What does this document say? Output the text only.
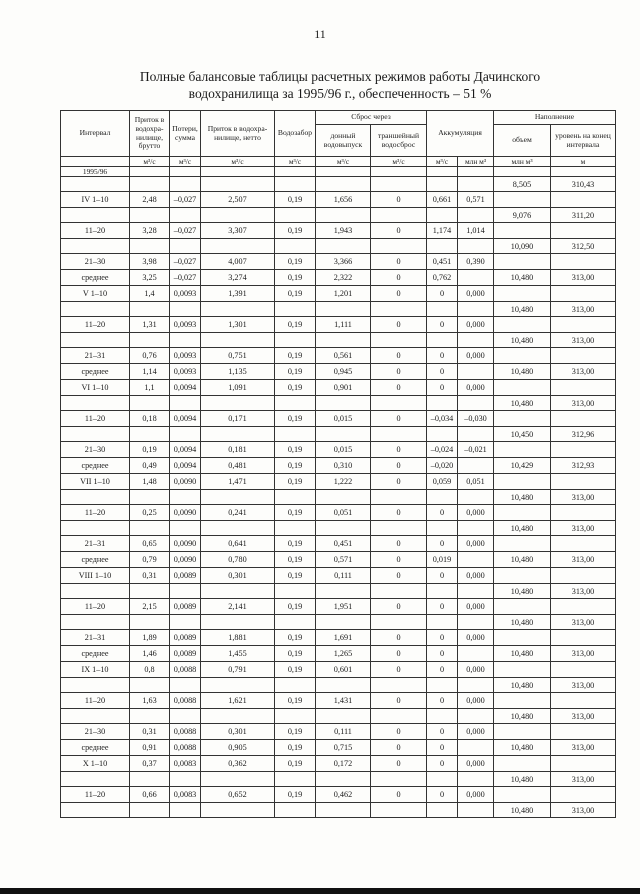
11
Полные балансовые таблицы расчетных режимов работы Дачинского
водохранилища за 1995/96 г., обеспеченность – 51 %
Интервал	Приток в водохра-нилище, брутто	Потери, сумма	Приток в водохра-нилище, нетто	Водозабор	Сброс через		Аккумуляция		Наполнение	
					донный водовыпуск	траншейный водосброс			объем	уровень на конец интервала
	м³/с	м³/с	м³/с	м³/с	м³/с	м³/с	м³/с	млн м³	млн м³	м
1995/96										
									8,505	310,43
IV 1–10	2,48	–0,027	2,507	0,19	1,656	0	0,661	0,571		
									9,076	311,20
11–20	3,28	–0,027	3,307	0,19	1,943	0	1,174	1,014		
									10,090	312,50
21–30	3,98	–0,027	4,007	0,19	3,366	0	0,451	0,390		
среднее	3,25	–0,027	3,274	0,19	2,322	0	0,762		10,480	313,00
V 1–10	1,4	0,0093	1,391	0,19	1,201	0	0	0,000		
									10,480	313,00
11–20	1,31	0,0093	1,301	0,19	1,111	0	0	0,000		
									10,480	313,00
21–31	0,76	0,0093	0,751	0,19	0,561	0	0	0,000		
среднее	1,14	0,0093	1,135	0,19	0,945	0	0		10,480	313,00
VI 1–10	1,1	0,0094	1,091	0,19	0,901	0	0	0,000		
									10,480	313,00
11–20	0,18	0,0094	0,171	0,19	0,015	0	–0,034	–0,030		
									10,450	312,96
21–30	0,19	0,0094	0,181	0,19	0,015	0	–0,024	–0,021		
среднее	0,49	0,0094	0,481	0,19	0,310	0	–0,020		10,429	312,93
VII 1–10	1,48	0,0090	1,471	0,19	1,222	0	0,059	0,051		
									10,480	313,00
11–20	0,25	0,0090	0,241	0,19	0,051	0	0	0,000		
									10,480	313,00
21–31	0,65	0,0090	0,641	0,19	0,451	0	0	0,000		
среднее	0,79	0,0090	0,780	0,19	0,571	0	0,019		10,480	313,00
VIII 1–10	0,31	0,0089	0,301	0,19	0,111	0	0	0,000		
									10,480	313,00
11–20	2,15	0,0089	2,141	0,19	1,951	0	0	0,000		
									10,480	313,00
21–31	1,89	0,0089	1,881	0,19	1,691	0	0	0,000		
среднее	1,46	0,0089	1,455	0,19	1,265	0	0		10,480	313,00
IX 1–10	0,8	0,0088	0,791	0,19	0,601	0	0	0,000		
									10,480	313,00
11–20	1,63	0,0088	1,621	0,19	1,431	0	0	0,000		
									10,480	313,00
21–30	0,31	0,0088	0,301	0,19	0,111	0	0	0,000		
среднее	0,91	0,0088	0,905	0,19	0,715	0	0		10,480	313,00
X 1–10	0,37	0,0083	0,362	0,19	0,172	0	0	0,000		
									10,480	313,00
11–20	0,66	0,0083	0,652	0,19	0,462	0	0	0,000		
									10,480	313,00
